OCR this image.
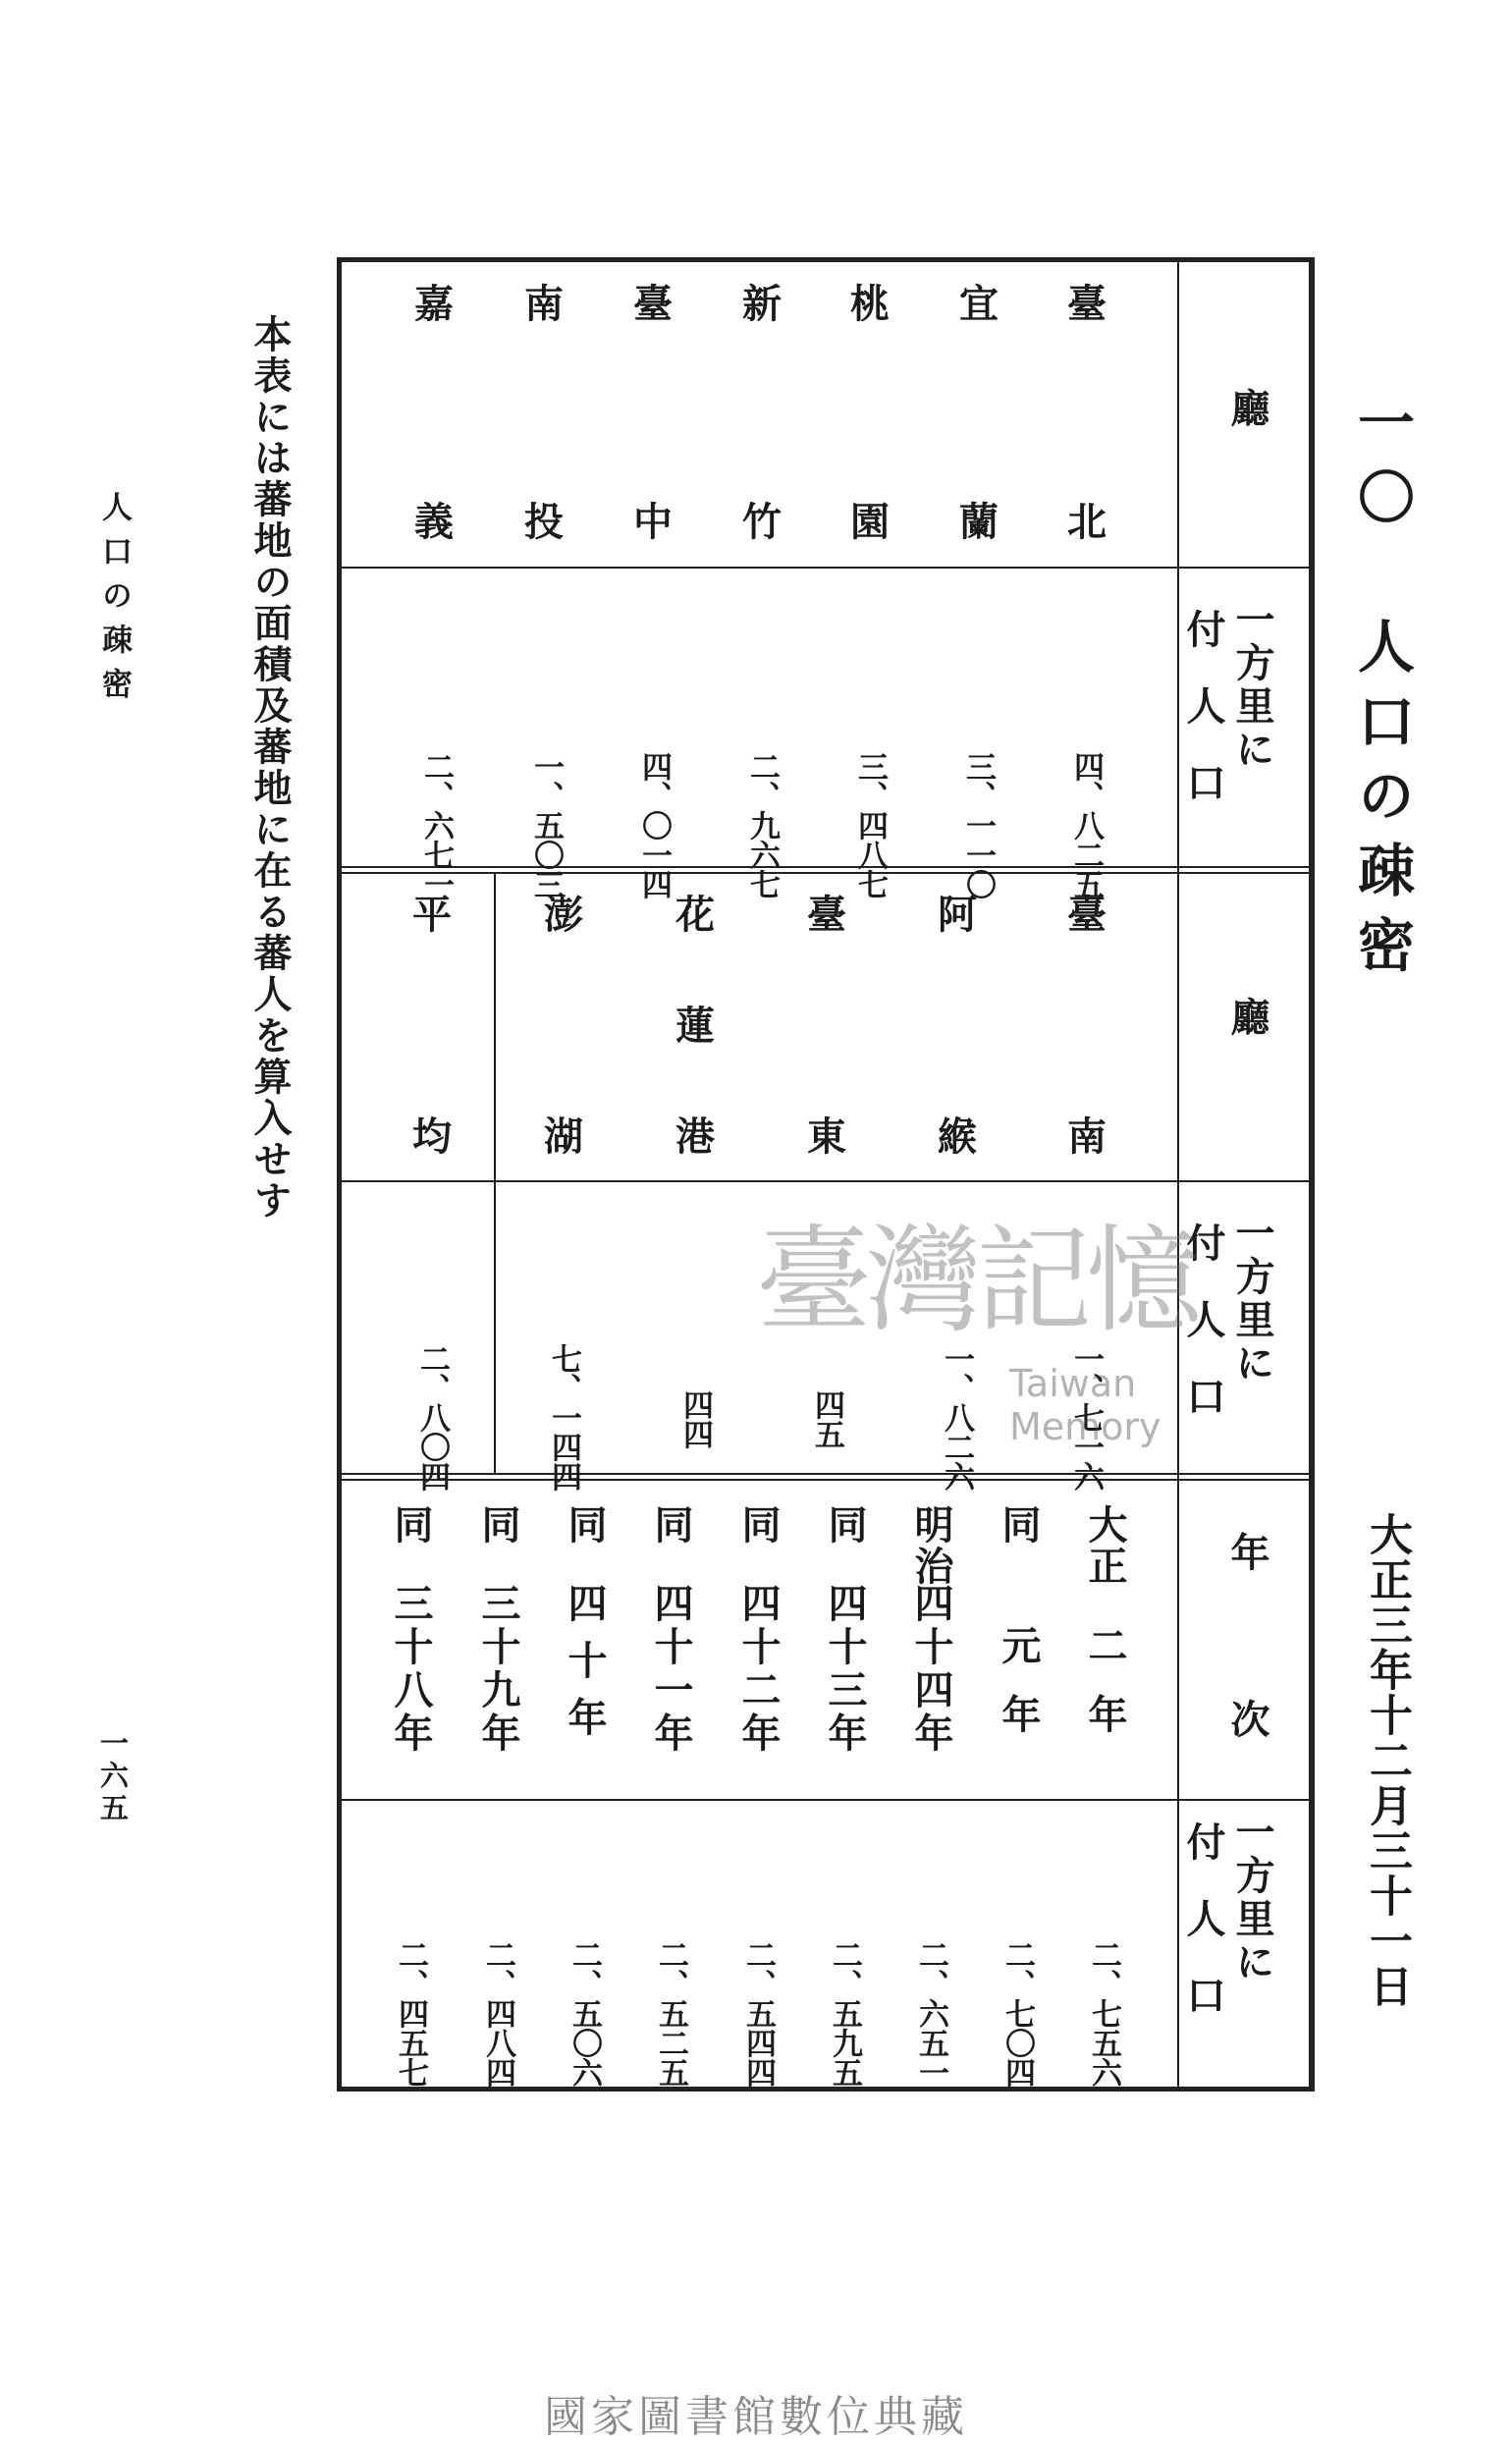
一〇　人口の疎密
大正三年十二月三十一日
本表には蕃地の面積及蕃地に在る蕃人を算入せす
人口の疎密
一六五
國家圖書館數位典藏
廳
一方里に
付人口
廳
一方里に
付人口
年次
一方里に
付人口
臺
北
四、八二五
宜
蘭
三、一一〇
桃
園
三、四八七
新
竹
二、九六七
臺
中
四、〇一四
南
投
一、五〇三
嘉
義
二、六七一
臺
南
一、七一六
阿
緱
一、八二六
臺
東
四五
花
蓮
港
四四
澎
湖
七、一四四
平
均
二、八〇四
大正
二年
二、七五六
同
元年
二、七〇四
明治
四十四年
二、六五一
同
四十三年
二、五九五
同
四十二年
二、五四四
同
四十一年
二、五二五
同
四十年
二、五〇六
同
三十九年
二、四八四
同
三十八年
二、四五七
臺灣記憶
Taiwan Memory
